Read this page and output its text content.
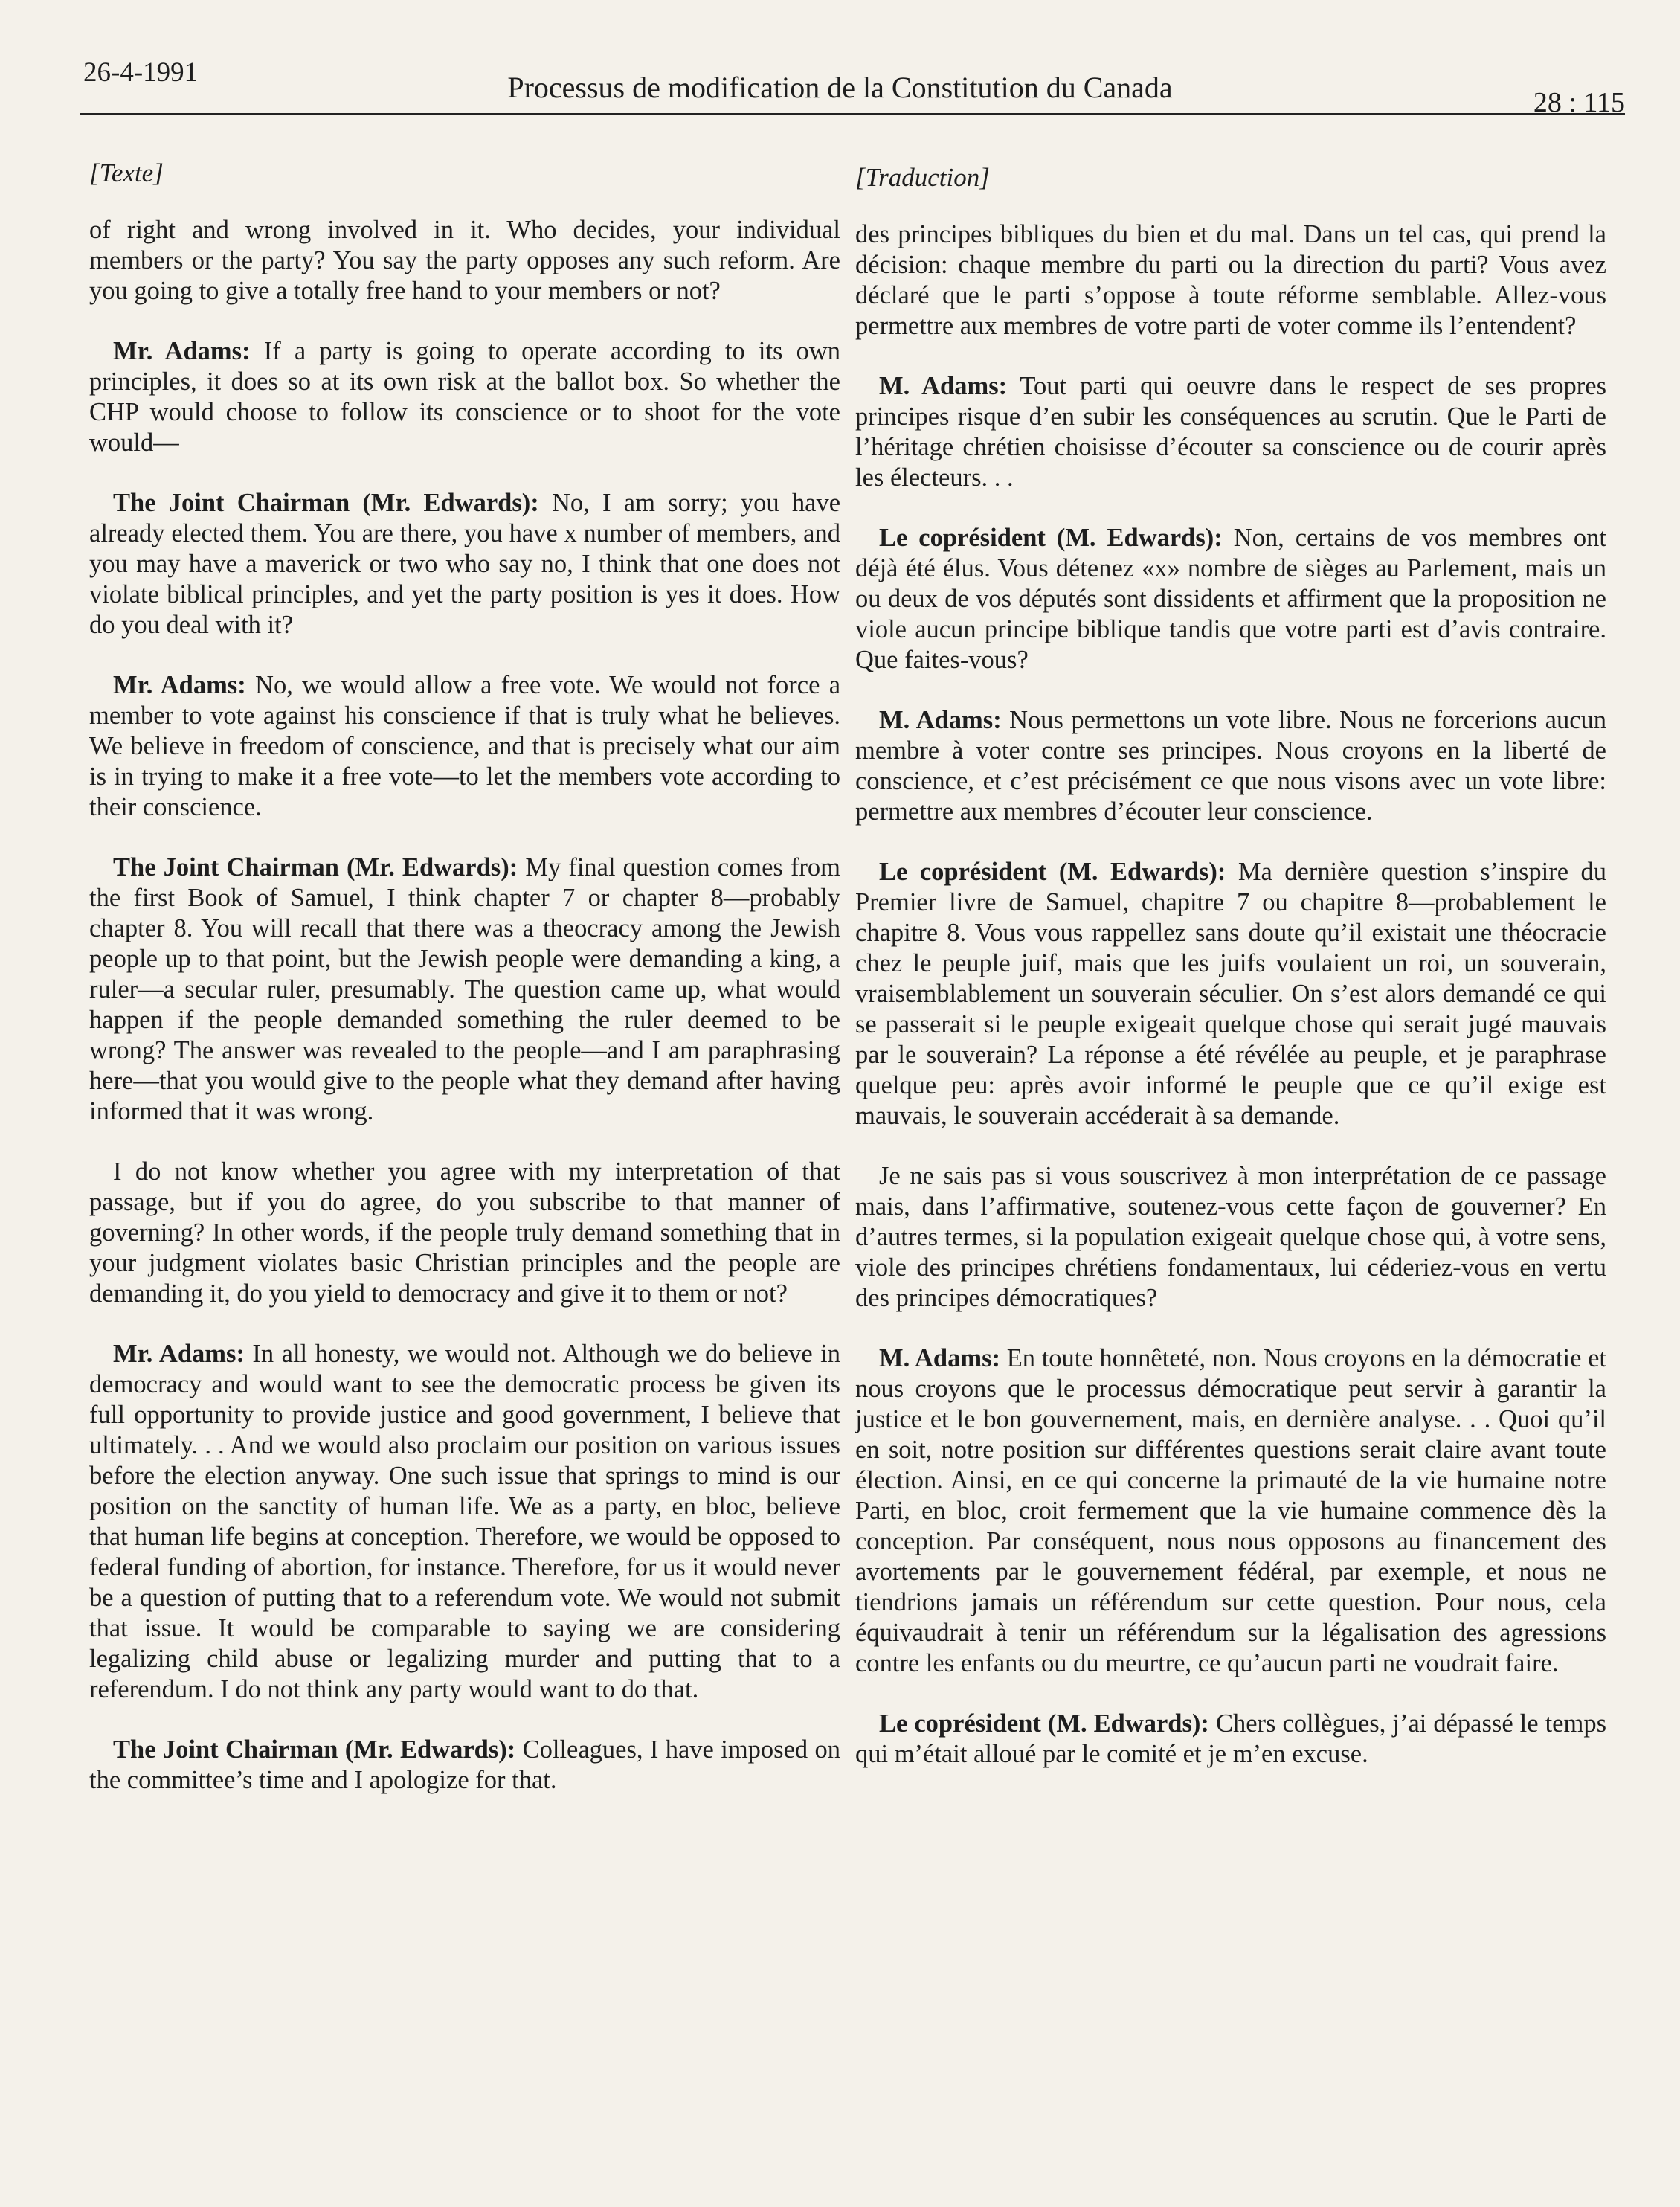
26-4-1991	Processus de modification de la Constitution du Canada	28 : 115
[Texte]

of right and wrong involved in it. Who decides, your individual members or the party? You say the party opposes any such reform. Are you going to give a totally free hand to your members or not?

Mr. Adams: If a party is going to operate according to its own principles, it does so at its own risk at the ballot box. So whether the CHP would choose to follow its conscience or to shoot for the vote would—

The Joint Chairman (Mr. Edwards): No, I am sorry; you have already elected them. You are there, you have x number of members, and you may have a maverick or two who say no, I think that one does not violate biblical principles, and yet the party position is yes it does. How do you deal with it?

Mr. Adams: No, we would allow a free vote. We would not force a member to vote against his conscience if that is truly what he believes. We believe in freedom of conscience, and that is precisely what our aim is in trying to make it a free vote—to let the members vote according to their conscience.

The Joint Chairman (Mr. Edwards): My final question comes from the first Book of Samuel, I think chapter 7 or chapter 8—probably chapter 8. You will recall that there was a theocracy among the Jewish people up to that point, but the Jewish people were demanding a king, a ruler—a secular ruler, presumably. The question came up, what would happen if the people demanded something the ruler deemed to be wrong? The answer was revealed to the people—and I am paraphrasing here—that you would give to the people what they demand after having informed that it was wrong.

I do not know whether you agree with my interpretation of that passage, but if you do agree, do you subscribe to that manner of governing? In other words, if the people truly demand something that in your judgment violates basic Christian principles and the people are demanding it, do you yield to democracy and give it to them or not?

Mr. Adams: In all honesty, we would not. Although we do believe in democracy and would want to see the democratic process be given its full opportunity to provide justice and good government, I believe that ultimately. . . And we would also proclaim our position on various issues before the election anyway. One such issue that springs to mind is our position on the sanctity of human life. We as a party, en bloc, believe that human life begins at conception. Therefore, we would be opposed to federal funding of abortion, for instance. Therefore, for us it would never be a question of putting that to a referendum vote. We would not submit that issue. It would be comparable to saying we are considering legalizing child abuse or legalizing murder and putting that to a referendum. I do not think any party would want to do that.

The Joint Chairman (Mr. Edwards): Colleagues, I have imposed on the committee’s time and I apologize for that.

[Traduction]

des principes bibliques du bien et du mal. Dans un tel cas, qui prend la décision: chaque membre du parti ou la direction du parti? Vous avez déclaré que le parti s’oppose à toute réforme semblable. Allez-vous permettre aux membres de votre parti de voter comme ils l’entendent?

M. Adams: Tout parti qui oeuvre dans le respect de ses propres principes risque d’en subir les conséquences au scrutin. Que le Parti de l’héritage chrétien choisisse d’écouter sa conscience ou de courir après les électeurs. . .

Le coprésident (M. Edwards): Non, certains de vos membres ont déjà été élus. Vous détenez «x» nombre de sièges au Parlement, mais un ou deux de vos députés sont dissidents et affirment que la proposition ne viole aucun principe biblique tandis que votre parti est d’avis contraire. Que faites-vous?

M. Adams: Nous permettons un vote libre. Nous ne forcerions aucun membre à voter contre ses principes. Nous croyons en la liberté de conscience, et c’est précisément ce que nous visons avec un vote libre: permettre aux membres d’écouter leur conscience.

Le coprésident (M. Edwards): Ma dernière question s’inspire du Premier livre de Samuel, chapitre 7 ou chapitre 8—probablement le chapitre 8. Vous vous rappellez sans doute qu’il existait une théocracie chez le peuple juif, mais que les juifs voulaient un roi, un souverain, vraisemblablement un souverain séculier. On s’est alors demandé ce qui se passerait si le peuple exigeait quelque chose qui serait jugé mauvais par le souverain? La réponse a été révélée au peuple, et je paraphrase quelque peu: après avoir informé le peuple que ce qu’il exige est mauvais, le souverain accéderait à sa demande.

Je ne sais pas si vous souscrivez à mon interprétation de ce passage mais, dans l’affirmative, soutenez-vous cette façon de gouverner? En d’autres termes, si la population exigeait quelque chose qui, à votre sens, viole des principes chrétiens fondamentaux, lui céderiez-vous en vertu des principes démocratiques?

M. Adams: En toute honnêteté, non. Nous croyons en la démocratie et nous croyons que le processus démocratique peut servir à garantir la justice et le bon gouvernement, mais, en dernière analyse. . . Quoi qu’il en soit, notre position sur différentes questions serait claire avant toute élection. Ainsi, en ce qui concerne la primauté de la vie humaine notre Parti, en bloc, croit fermement que la vie humaine commence dès la conception. Par conséquent, nous nous opposons au financement des avortements par le gouvernement fédéral, par exemple, et nous ne tiendrions jamais un référendum sur cette question. Pour nous, cela équivaudrait à tenir un référendum sur la légalisation des agressions contre les enfants ou du meurtre, ce qu’aucun parti ne voudrait faire.

Le coprésident (M. Edwards): Chers collègues, j’ai dépassé le temps qui m’était alloué par le comité et je m’en excuse.
